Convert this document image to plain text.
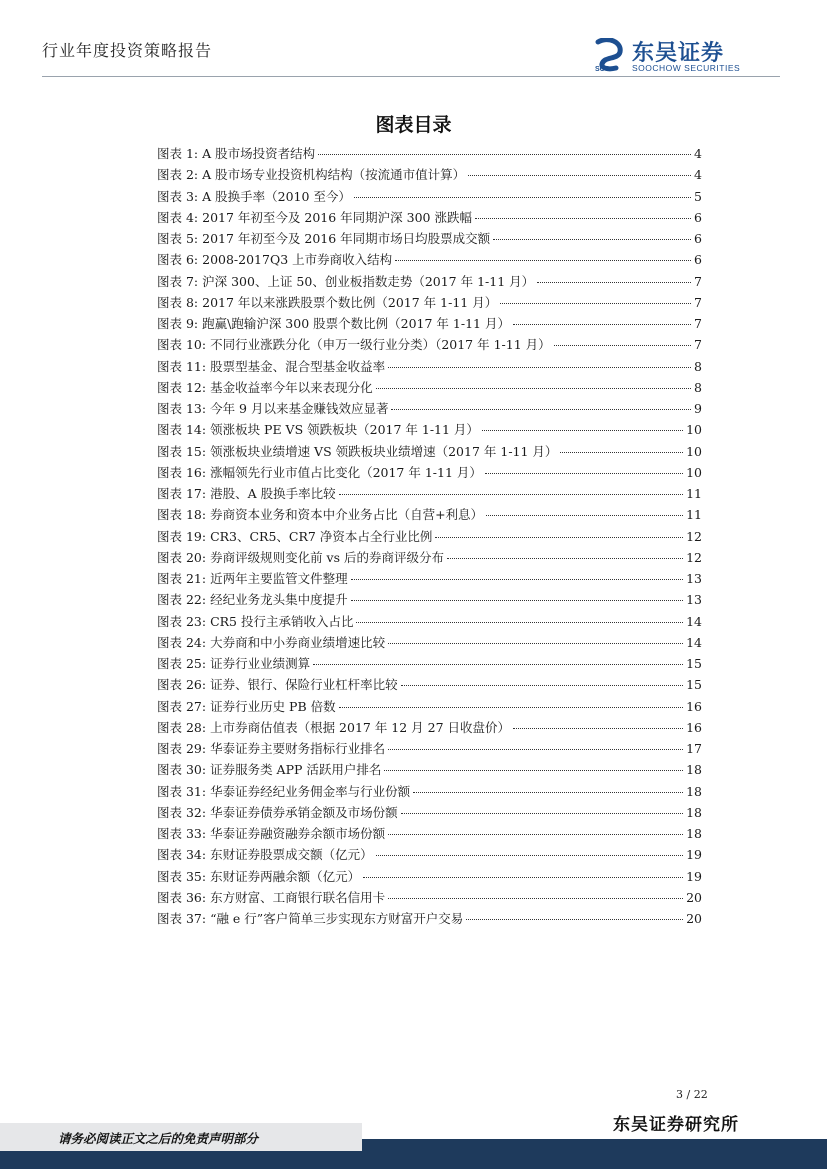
行业年度投资策略报告
SCS
东吴证券
SOOCHOW SECURITIES
图表目录
图表 1: A 股市场投资者结构	4
图表 2: A 股市场专业投资机构结构（按流通市值计算）	4
图表 3: A 股换手率（2010 至今）	5
图表 4: 2017 年初至今及 2016 年同期沪深 300 涨跌幅	6
图表 5: 2017 年初至今及 2016 年同期市场日均股票成交额	6
图表 6: 2008-2017Q3 上市券商收入结构	6
图表 7: 沪深 300、上证 50、创业板指数走势（2017 年 1-11 月）	7
图表 8: 2017 年以来涨跌股票个数比例（2017 年 1-11 月）	7
图表 9: 跑赢\跑输沪深 300 股票个数比例（2017 年 1-11 月）	7
图表 10: 不同行业涨跌分化（申万一级行业分类）（2017 年 1-11 月）	7
图表 11: 股票型基金、混合型基金收益率	8
图表 12: 基金收益率今年以来表现分化	8
图表 13: 今年 9 月以来基金赚钱效应显著	9
图表 14: 领涨板块 PE VS 领跌板块（2017 年 1-11 月）	10
图表 15: 领涨板块业绩增速 VS 领跌板块业绩增速（2017 年 1-11 月）	10
图表 16: 涨幅领先行业市值占比变化（2017 年 1-11 月）	10
图表 17: 港股、A 股换手率比较	11
图表 18: 券商资本业务和资本中介业务占比（自营+利息）	11
图表 19: CR3、CR5、CR7 净资本占全行业比例	12
图表 20: 券商评级规则变化前 vs 后的券商评级分布	12
图表 21: 近两年主要监管文件整理	13
图表 22: 经纪业务龙头集中度提升	13
图表 23: CR5 投行主承销收入占比	14
图表 24: 大券商和中小券商业绩增速比较	14
图表 25: 证券行业业绩测算	15
图表 26: 证券、银行、保险行业杠杆率比较	15
图表 27: 证券行业历史 PB 倍数	16
图表 28: 上市券商估值表（根据 2017 年 12 月 27 日收盘价）	16
图表 29: 华泰证券主要财务指标行业排名	17
图表 30: 证券服务类 APP 活跃用户排名	18
图表 31: 华泰证券经纪业务佣金率与行业份额	18
图表 32: 华泰证券债券承销金额及市场份额	18
图表 33: 华泰证券融资融券余额市场份额	18
图表 34: 东财证券股票成交额（亿元）	19
图表 35: 东财证券两融余额（亿元）	19
图表 36: 东方财富、工商银行联名信用卡	20
图表 37: “融 e 行”客户简单三步实现东方财富开户交易	20
3 / 22
东吴证券研究所
请务必阅读正文之后的免责声明部分
